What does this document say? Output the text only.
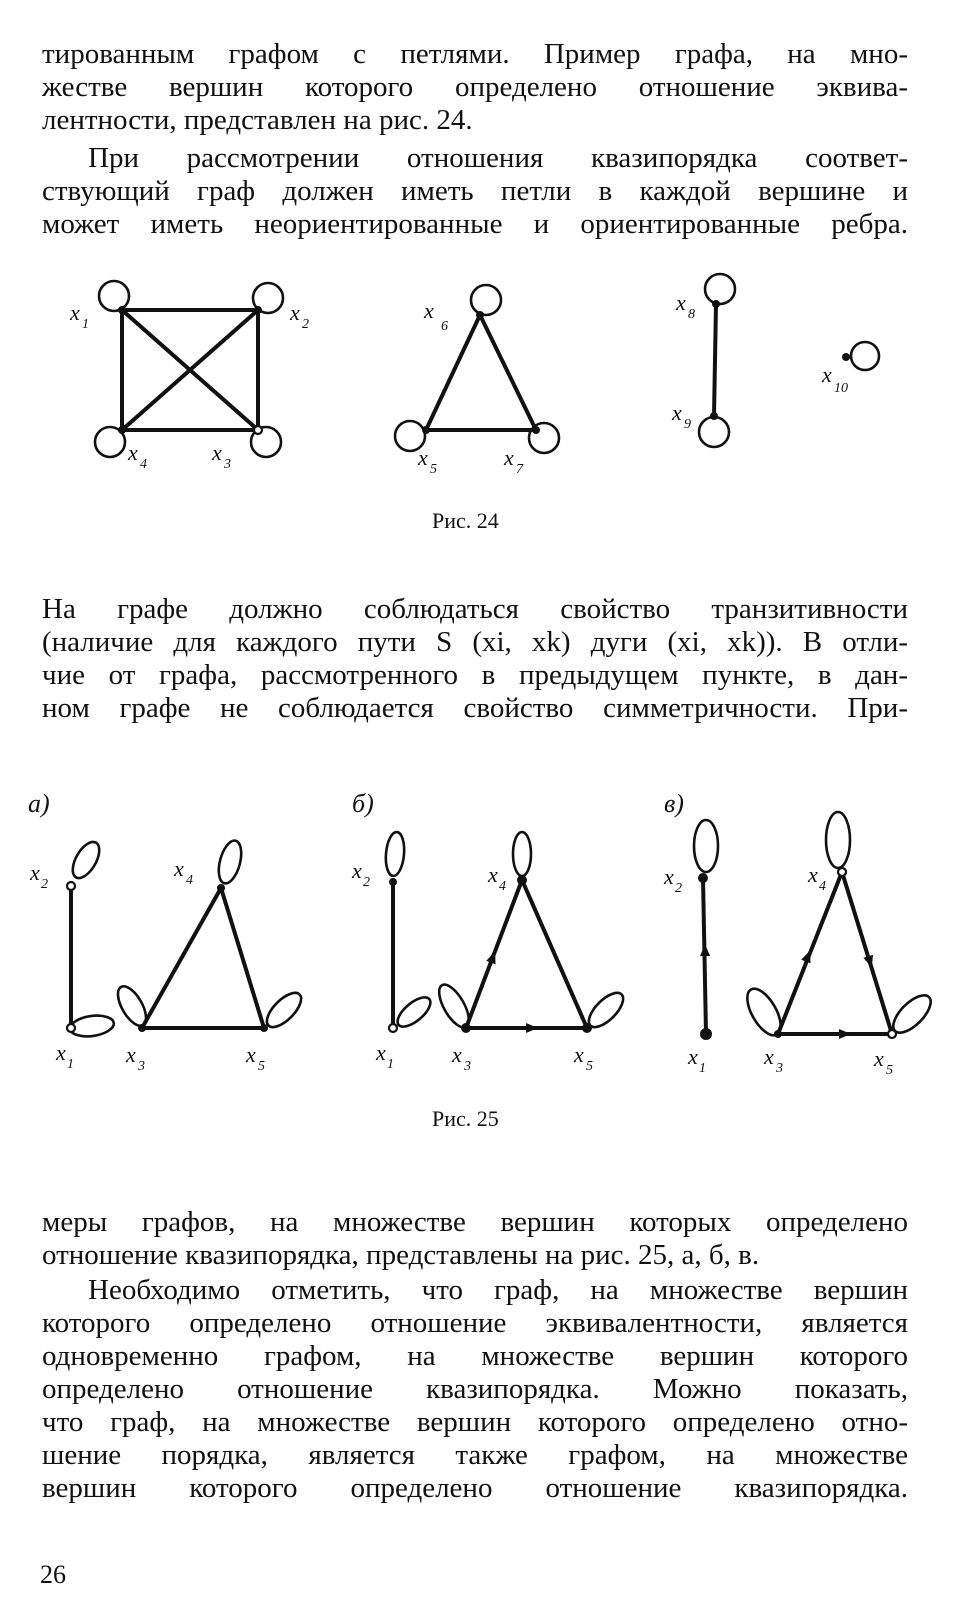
тированным графом с петлями. Пример графа, на мно-
жестве вершин которого определено отношение эквива-
лентности, представлен на рис. 24.
При рассмотрении отношения квазипорядка соответ-
ствующий граф должен иметь петли в каждой вершине и
может иметь неориентированные и ориентированные ребра.
x 1	x 2
x 3
x 4
x
6
x 5	x 7
x 8
x 9
x
10
Рис. 24
На графе должно соблюдаться свойство транзитивности
(наличие для каждого пути S (xi, xk) дуги (xi, xk)). В отли-
чие от графа, рассмотренного в предыдущем пункте, в дан-
ном графе не соблюдается свойство симметричности. При-
а)	б)	в)
x 2
x 1
x 4
x 3	x 5
x 2
x 1
x 4
x 3	x 5
x 2
x 1
x 4
x 3	x 5
Рис. 25
меры графов, на множестве вершин которых определено
отношение квазипорядка, представлены на рис. 25, а, б, в.
Необходимо отметить, что граф, на множестве вершин
которого определено отношение эквивалентности, является
одновременно графом, на множестве вершин которого
определено отношение квазипорядка. Можно показать,
что граф, на множестве вершин которого определено отно-
шение порядка, является также графом, на множестве
вершин которого определено отношение квазипорядка.
26
